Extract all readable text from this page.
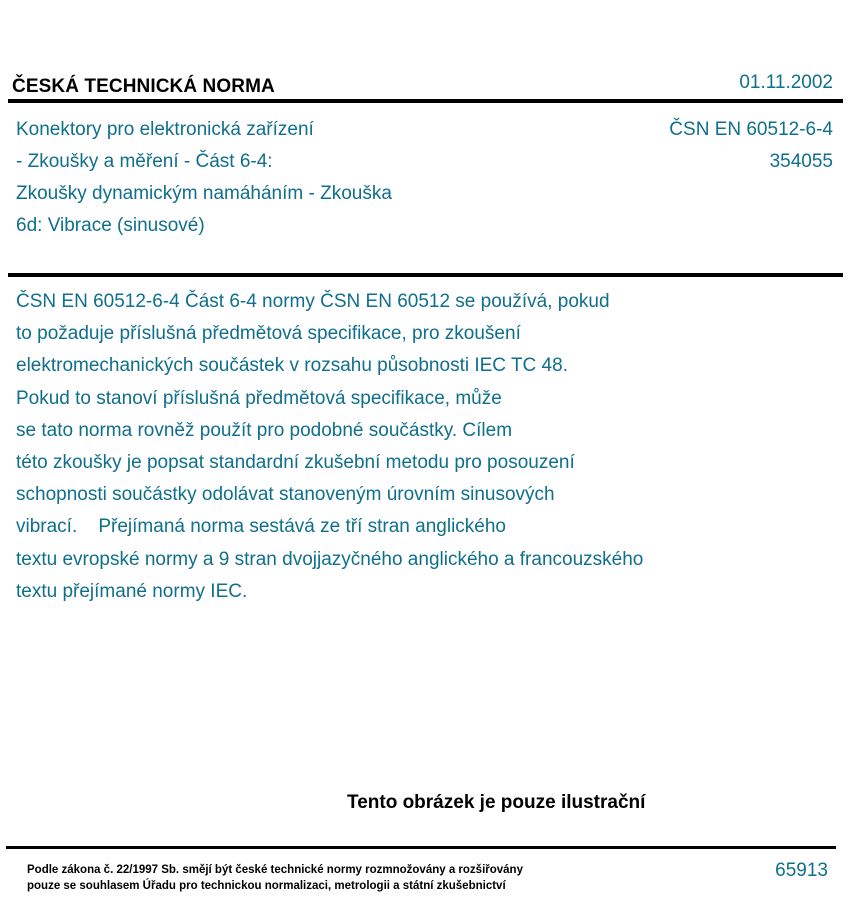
ČESKÁ TECHNICKÁ NORMA	01.11.2002
Konektory pro elektronická zařízení
- Zkoušky a měření - Část 6-4:
Zkoušky dynamickým namáháním - Zkouška
6d: Vibrace (sinusové)
ČSN EN 60512-6-4
354055
ČSN EN 60512-6-4 Část 6-4 normy ČSN EN 60512 se používá, pokud
to požaduje příslušná předmětová specifikace, pro zkoušení
elektromechanických součástek v rozsahu působnosti IEC TC 48.
Pokud to stanoví příslušná předmětová specifikace, může
se tato norma rovněž použít pro podobné součástky. Cílem
této zkoušky je popsat standardní zkušební metodu pro posouzení
schopnosti součástky odolávat stanoveným úrovním sinusových
vibrací.    Přejímaná norma sestává ze tří stran anglického
textu evropské normy a 9 stran dvojjazyčného anglického a francouzského
textu přejímané normy IEC.
Tento obrázek je pouze ilustrační
Podle zákona č. 22/1997 Sb. smějí být české technické normy rozmnožovány a rozšiřovány
pouze se souhlasem Úřadu pro technickou normalizaci, metrologii a státní zkušebnictví
65913
